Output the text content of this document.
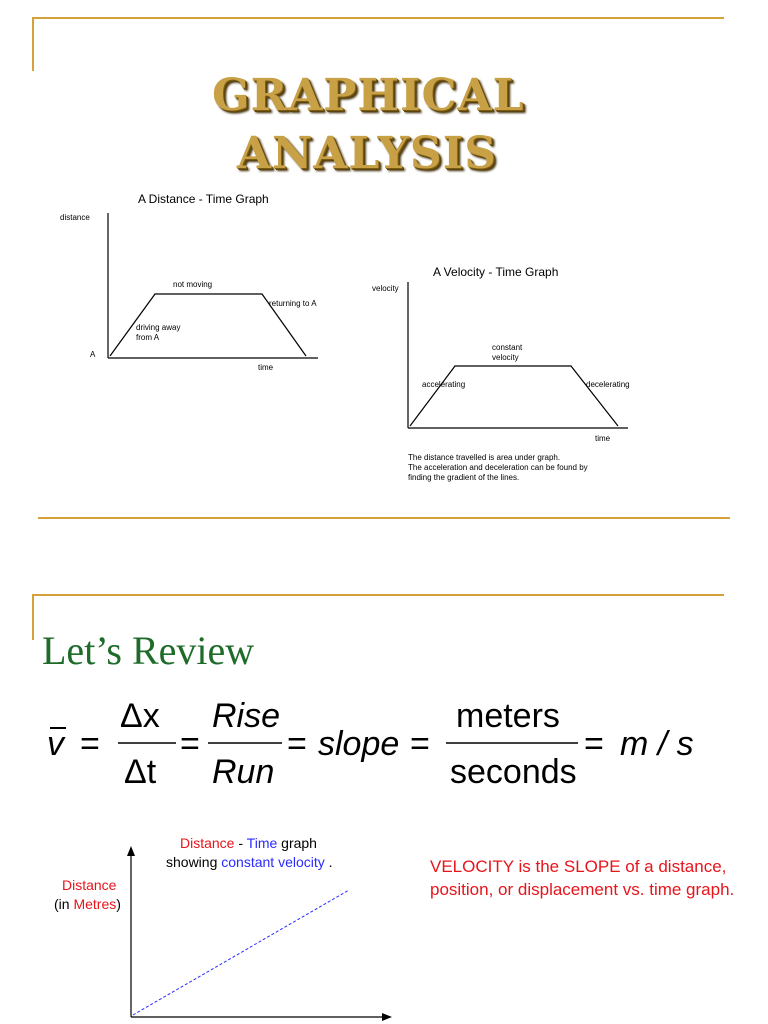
GRAPHICAL
ANALYSIS
A Distance - Time Graph
distance
A
time
not moving
returning to A
driving away
from A
A Velocity - Time Graph
velocity
time
constant
velocity
accelerating	decelerating
The distance travelled is area under graph.
The acceleration and deceleration can be found by
finding the gradient of the lines.
Let’s Review
v =
Δx
Δt
=
Rise
Run
= slope =
meters
seconds
= m / s
Distance - Time graph
showing constant velocity .
Distance
(in Metres)
VELOCITY is the SLOPE of a distance, position, or displacement vs. time graph.
